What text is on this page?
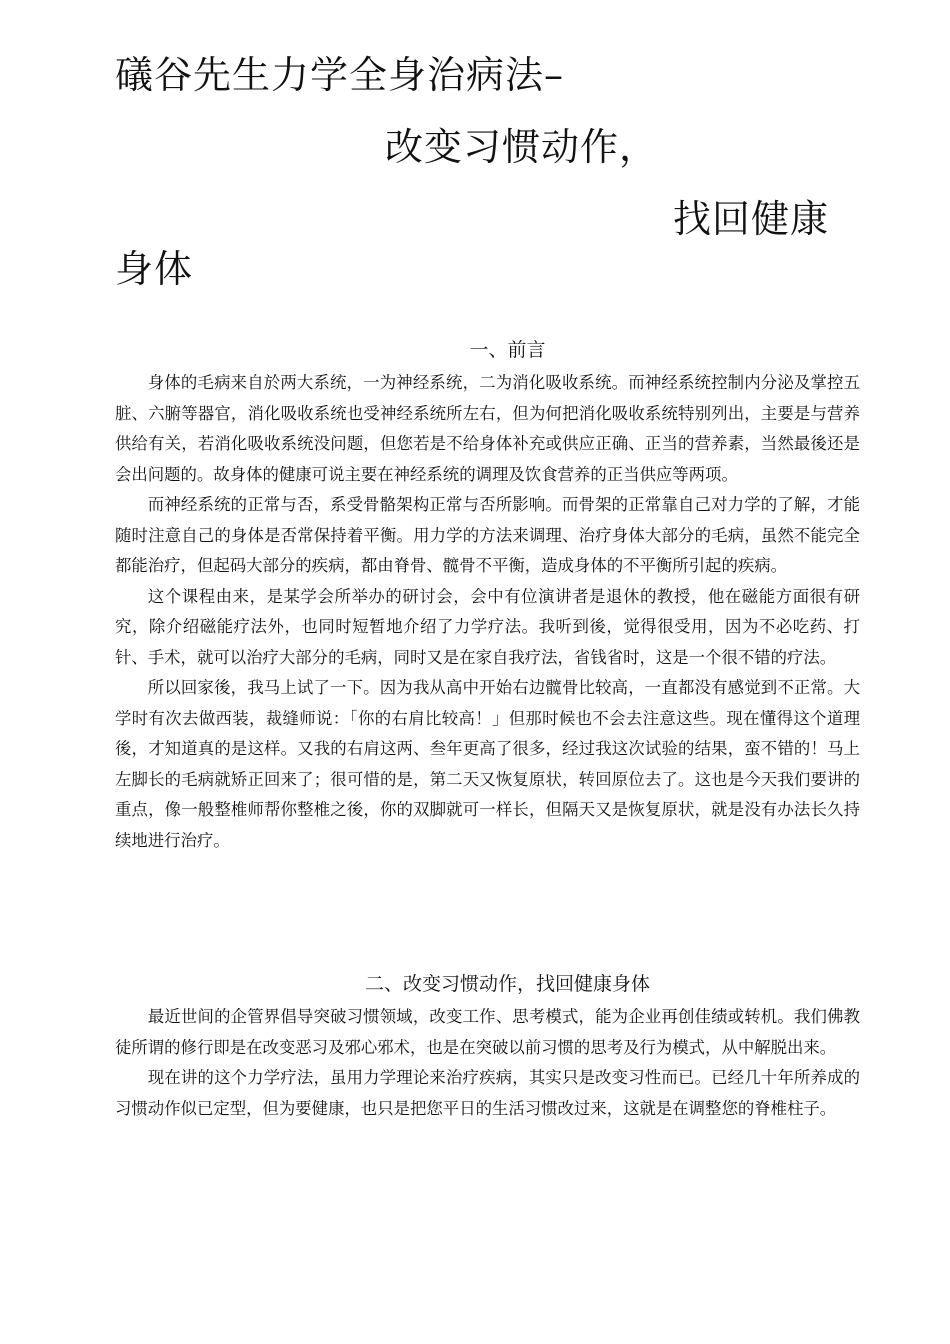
礒谷先生力学全身治病法–
改变习惯动作，
找回健康
身体
一、前言

身体的毛病来自於两大系统，一为神经系统，二为消化吸收系统。而神经系统控制内分泌及掌控五脏、六腑等器官，消化吸收系统也受神经系统所左右，但为何把消化吸收系统特别列出，主要是与营养供给有关，若消化吸收系统没问题，但您若是不给身体补充或供应正确、正当的营养素，当然最後还是会出问题的。故身体的健康可说主要在神经系统的调理及饮食营养的正当供应等两项。

而神经系统的正常与否，系受骨骼架构正常与否所影响。而骨架的正常靠自己对力学的了解，才能随时注意自己的身体是否常保持着平衡。用力学的方法来调理、治疗身体大部分的毛病，虽然不能完全都能治疗，但起码大部分的疾病，都由脊骨、髋骨不平衡，造成身体的不平衡所引起的疾病。

这个课程由来，是某学会所举办的研讨会，会中有位演讲者是退休的教授，他在磁能方面很有研究，除介绍磁能疗法外，也同时短暂地介绍了力学疗法。我听到後，觉得很受用，因为不必吃药、打针、手术，就可以治疗大部分的毛病，同时又是在家自我疗法，省钱省时，这是一个很不错的疗法。

所以回家後，我马上试了一下。因为我从高中开始右边髋骨比较高，一直都没有感觉到不正常。大学时有次去做西装，裁缝师说：「你的右肩比较高！」但那时候也不会去注意这些。现在懂得这个道理後，才知道真的是这样。又我的右肩这两、叁年更高了很多，经过我这次试验的结果，蛮不错的！马上左脚长的毛病就矫正回来了；很可惜的是，第二天又恢复原状，转回原位去了。这也是今天我们要讲的重点，像一般整椎师帮你整椎之後，你的双脚就可一样长，但隔天又是恢复原状，就是没有办法长久持续地进行治疗。

二、改变习惯动作，找回健康身体

最近世间的企管界倡导突破习惯领域，改变工作、思考模式，能为企业再创佳绩或转机。我们佛教徒所谓的修行即是在改变恶习及邪心邪术，也是在突破以前习惯的思考及行为模式，从中解脱出来。

现在讲的这个力学疗法，虽用力学理论来治疗疾病，其实只是改变习性而已。已经几十年所养成的习惯动作似已定型，但为要健康，也只是把您平日的生活习惯改过来，这就是在调整您的脊椎柱子。
